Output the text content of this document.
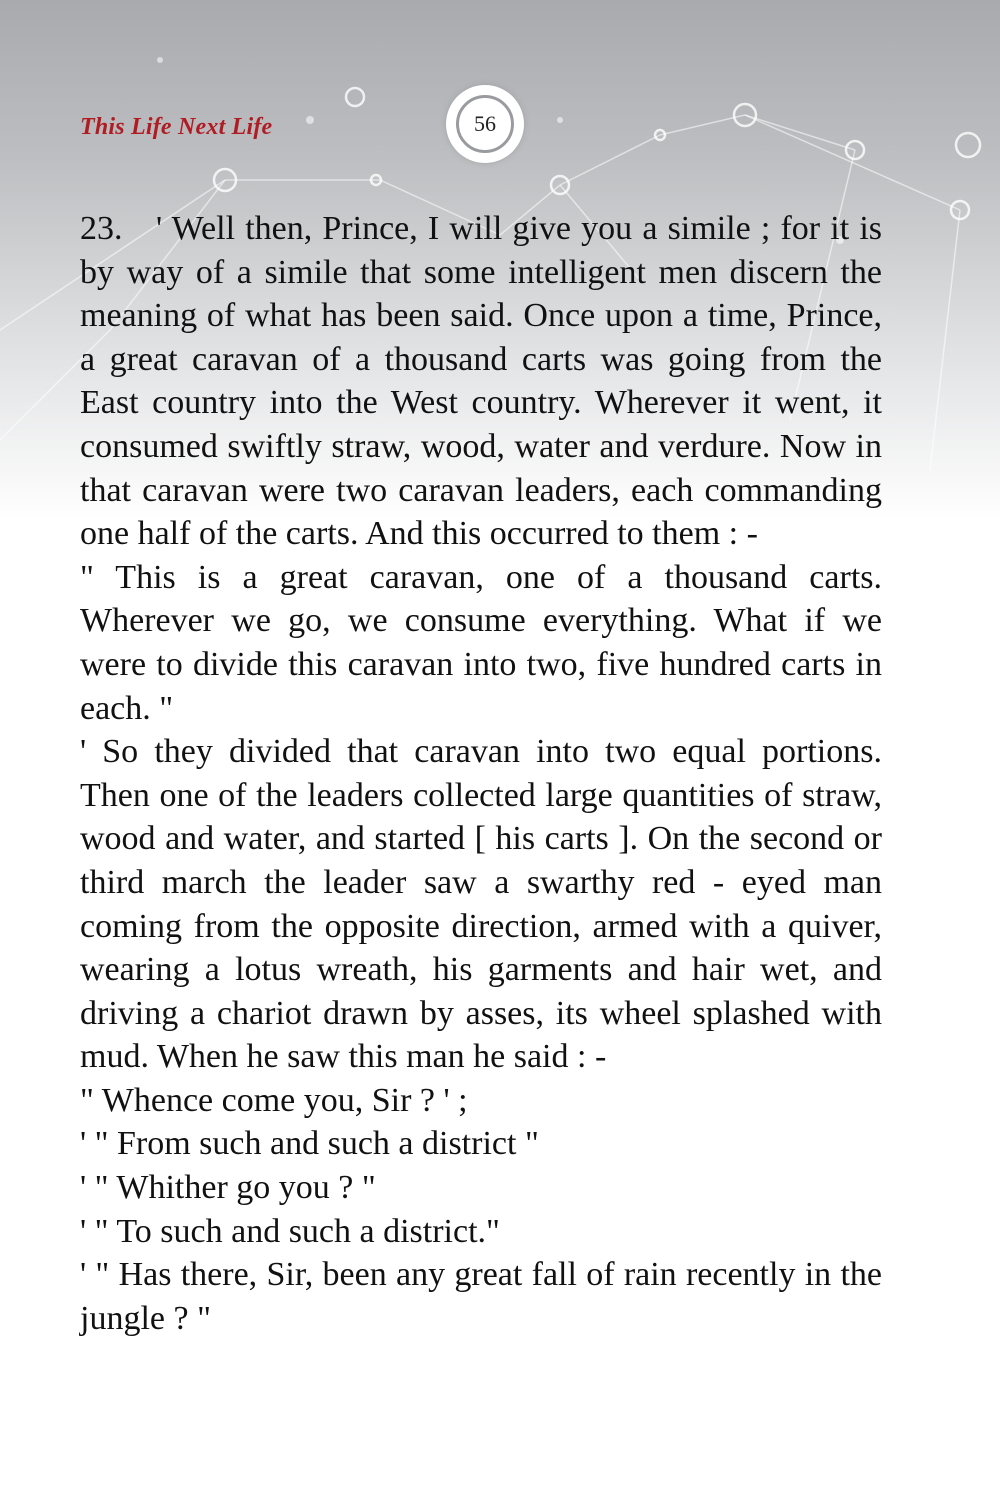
This Life Next Life	56

23. ' Well then, Prince, I will give you a simile ; for it is by way of a simile that some intelligent men discern the meaning of what has been said. Once upon a time, Prince, a great caravan of a thousand carts was going from the East country into the West country. Wherever it went, it consumed swiftly straw, wood, water and verdure. Now in that caravan were two caravan leaders, each commanding one half of the carts. And this occurred to them : -

" This is a great caravan, one of a thousand carts. Wherever we go, we consume everything. What if we were to divide this caravan into two, five hundred carts in each. "

' So they divided that caravan into two equal portions. Then one of the leaders collected large quantities of straw, wood and water, and started [ his carts ]. On the second or third march the leader saw a swarthy red - eyed man coming from the opposite direction, armed with a quiver, wearing a lotus wreath, his garments and hair wet, and driving a chariot drawn by asses, its wheel splashed with mud. When he saw this man he said : -

" Whence come you, Sir ? ' ;

' " From such and such a district "

' " Whither go you ? "

' " To such and such a district."

' " Has there, Sir, been any great fall of rain recently in the jungle ? "
